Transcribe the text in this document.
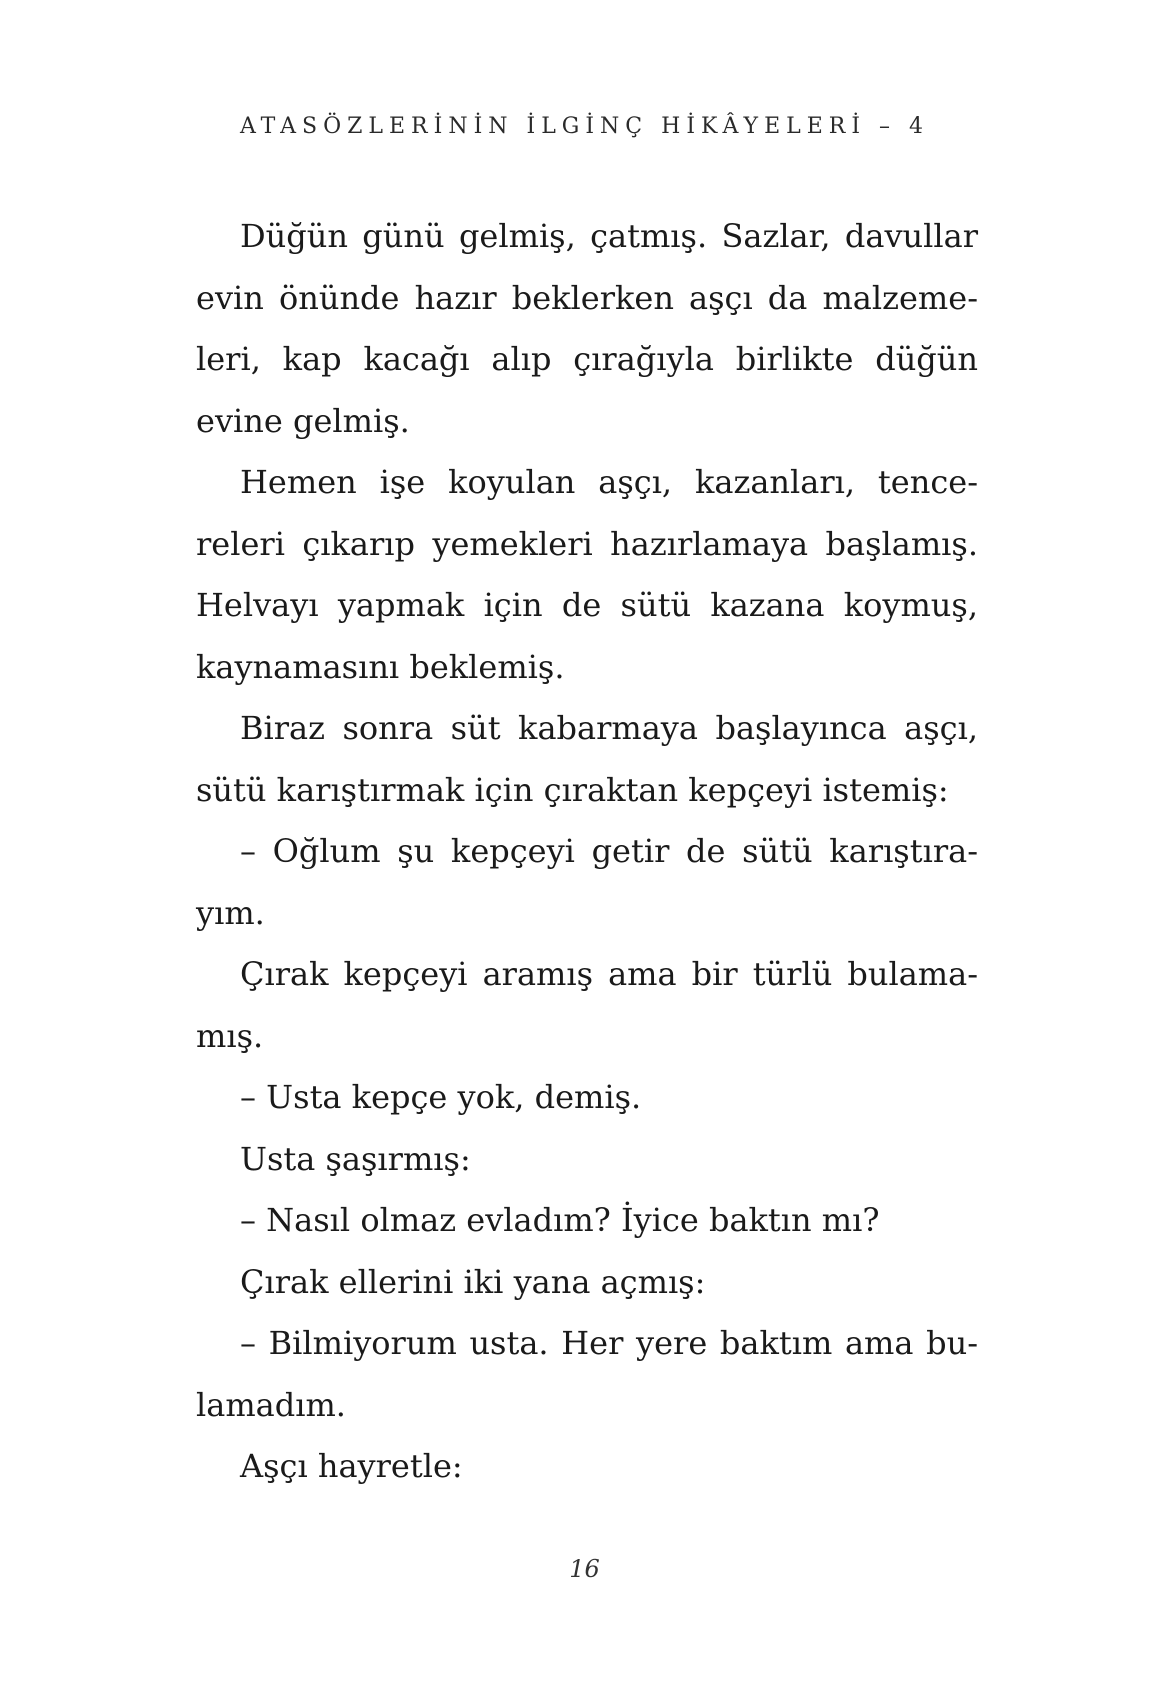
ATASÖZLERİNİN İLGİNÇ HİKÂYELERİ – 4

Düğün günü gelmiş, çatmış. Sazlar, davullar evin önünde hazır beklerken aşçı da malzeme-leri, kap kacağı alıp çırağıyla birlikte düğün evine gelmiş.

Hemen işe koyulan aşçı, kazanları, tence-releri çıkarıp yemekleri hazırlamaya başlamış. Helvayı yapmak için de sütü kazana koymuş, kaynamasını beklemiş.

Biraz sonra süt kabarmaya başlayınca aşçı, sütü karıştırmak için çıraktan kepçeyi istemiş:

– Oğlum şu kepçeyi getir de sütü karıştıra-yım.

Çırak kepçeyi aramış ama bir türlü bulama-mış.

– Usta kepçe yok, demiş.

Usta şaşırmış:

– Nasıl olmaz evladım? İyice baktın mı?

Çırak ellerini iki yana açmış:

– Bilmiyorum usta. Her yere baktım ama bu-lamadım.

Aşçı hayretle:

16
